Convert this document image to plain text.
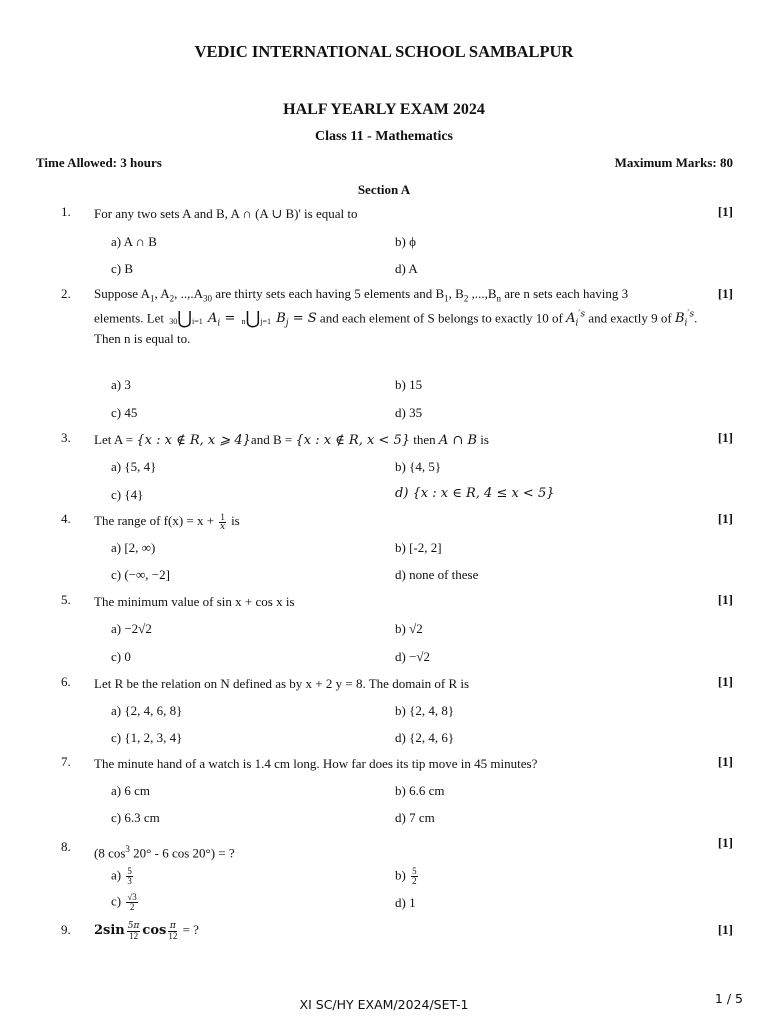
VEDIC INTERNATIONAL SCHOOL SAMBALPUR
HALF YEARLY EXAM 2024
Class 11 - Mathematics
Time Allowed: 3 hours	Maximum Marks: 80
Section A
1. For any two sets A and B, A ∩ (A ∪ B)' is equal to	[1]
a) A ∩ B	b) ϕ
c) B	d) A
2.	[1]
Suppose $A_1$, $A_2$, $..,.A_{30}$ are thirty sets each having 5 elements and $B_1$, $B_2$ $,...,B_n$ are n sets each having 3
elements. Let 30⋃i=1 $A_i$ = n⋃j=1 $B_j = S$ and each element of S belongs to exactly 10 of $A_i^{'s}$ and exactly 9 of $B_i^{'s}$.
Then n is equal to.
a) 3	b) 15
c) 45	d) 35
3. Let A = {x : x ∉ R, x ⩾ 4}and B = {x : x ∉ R, x < 5} then A ∩ B is	[1]
a) {5, 4}	b) {4, 5}
c) {4}	d) {x : x ∈ R, 4 ≤ x < 5}
4. The range of $f(x) = x + \frac{1}{x}$ is	[1]
a) [2, ∞)	b) [-2, 2]
c) (−∞, −2]	d) none of these
5. The minimum value of sin x + cos x is	[1]
a) −2√2	b) √2
c) 0	d) −√2
6. Let R be the relation on N defined as by x + 2 y = 8. The domain of R is	[1]
a) {2, 4, 6, 8}	b) {2, 4, 8}
c) {1, 2, 3, 4}	d) {2, 4, 6}
7. The minute hand of a watch is 1.4 cm long. How far does its tip move in 45 minutes?	[1]
a) 6 cm	b) 6.6 cm
c) 6.3 cm	d) 7 cm
8. (8 $\cos^3 20^\circ - 6$ cos 20°) = ?
[1]
$a) \frac{5}{3}$	$b) \frac{5}{2}$
$c) \frac{√3}{2}$	d) 1
9. $2\sin \frac{5\pi}{12}$ $\cos \frac{\pi}{12}$ = ?	[1]
XI SC/HY EXAM/2024/SET-1	1 / 5
